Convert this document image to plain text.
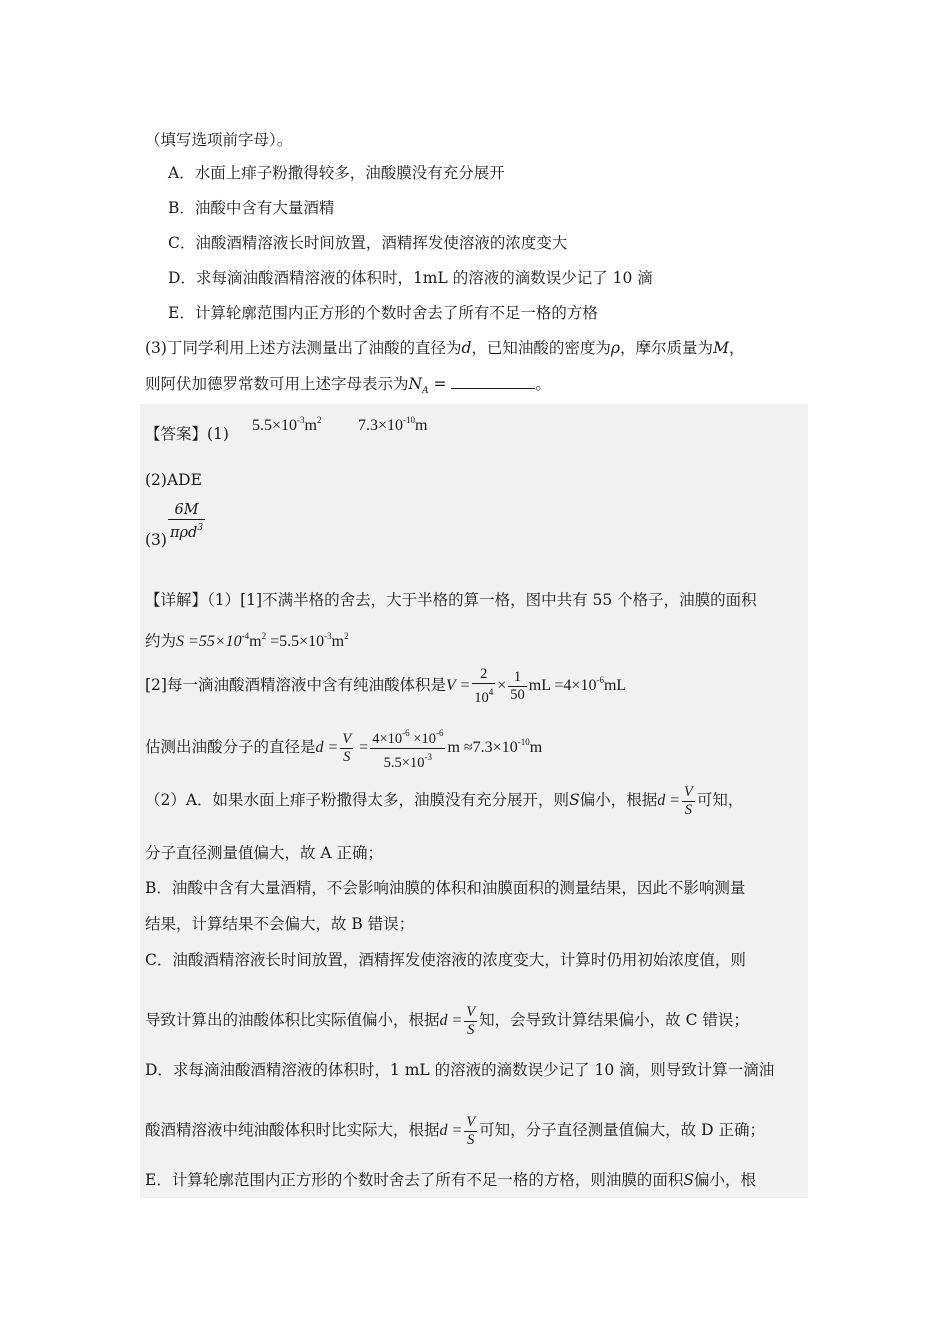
（填写选项前字母）。
A．水面上痱子粉撒得较多，油酸膜没有充分展开
B．油酸中含有大量酒精
C．油酸酒精溶液长时间放置，酒精挥发使溶液的浓度变大
D．求每滴油酸酒精溶液的体积时，1mL 的溶液的滴数误少记了 10 滴
E．计算轮廓范围内正方形的个数时舍去了所有不足一格的方格
(3)丁同学利用上述方法测量出了油酸的直径为d，已知油酸的密度为ρ，摩尔质量为M，
则阿伏加德罗常数可用上述字母表示为$N_A$ =	。
【答案】(1) $5.5\times 10^{-3}m^2$ $7.3\times 10^{-10}m$
(2)ADE
(3)
6M
πρd$^3$
【详解】（1）[1]不满半格的舍去，大于半格的算一格，图中共有 55 个格子，油膜的面积
约为$S =55\times 10^{-4}m^2 =5.5\times 10^{-3}m^2$
[2]每一滴油酸酒精溶液中含有纯油酸体积是$V = \frac{2}{10^4} \times \frac{1}{50}$ mL $=4\times 10^{-6}mL$
估测出油酸分子的直径是$d = \frac{V}{S} = \frac{4\times 10^{-6} \times 10^{-6}}{5.5\times 10^{-3}}$ $m \approx 7.3\times 10^{-10}m$
（2）A．如果水面上痱子粉撒得太多，油膜没有充分展开，则S偏小，根据$d = \frac{V}{S}$ 可知，
分子直径测量值偏大，故 A 正确；
B．油酸中含有大量酒精，不会影响油膜的体积和油膜面积的测量结果，因此不影响测量
结果，计算结果不会偏大，故 B 错误；
C．油酸酒精溶液长时间放置，酒精挥发使溶液的浓度变大，计算时仍用初始浓度值，则
导致计算出的油酸体积比实际值偏小，根据$d = \frac{V}{S}$ 知，会导致计算结果偏小，故 C 错误；
D．求每滴油酸酒精溶液的体积时，1 mL 的溶液的滴数误少记了 10 滴，则导致计算一滴油
酸酒精溶液中纯油酸体积时比实际大，根据$d = \frac{V}{S}$ 可知，分子直径测量值偏大，故 D 正确；
E．计算轮廓范围内正方形的个数时舍去了所有不足一格的方格，则油膜的面积S偏小，根
